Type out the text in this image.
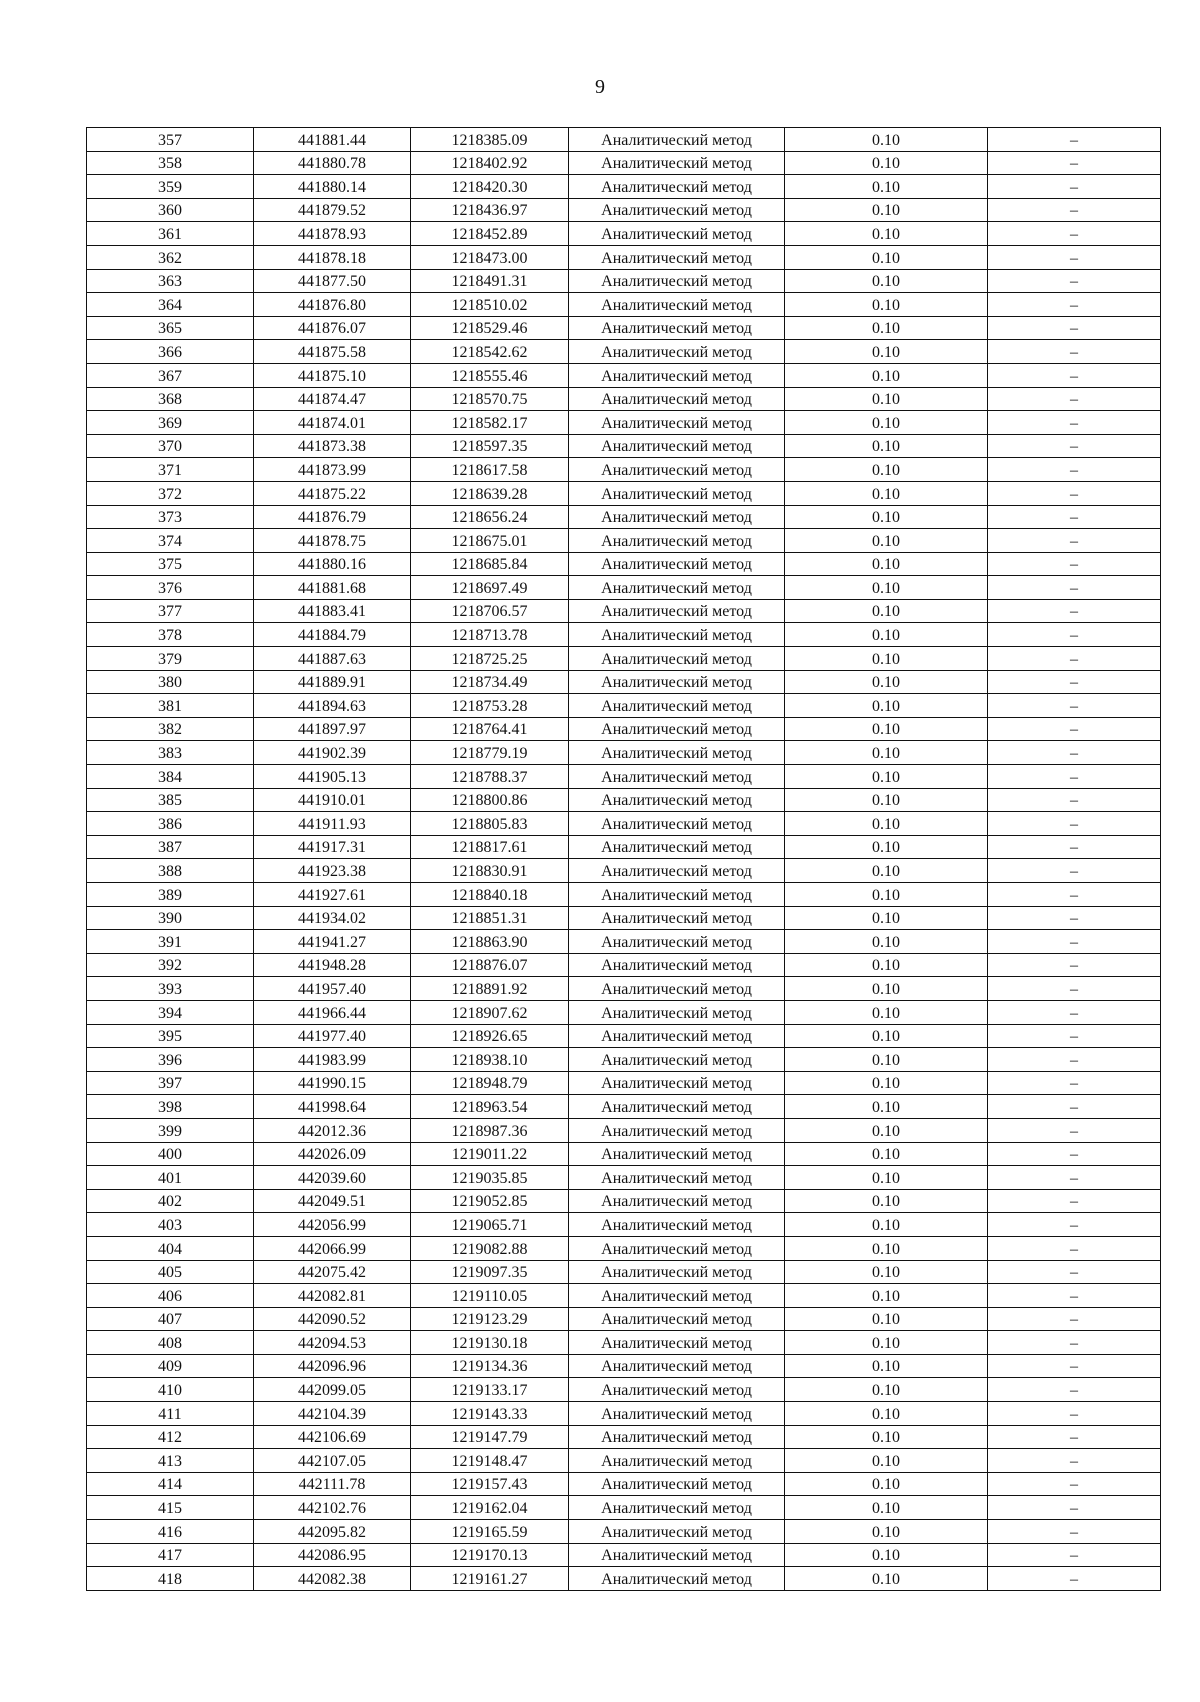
9
357	441881.44	1218385.09	Аналитический метод	0.10	–
358	441880.78	1218402.92	Аналитический метод	0.10	–
359	441880.14	1218420.30	Аналитический метод	0.10	–
360	441879.52	1218436.97	Аналитический метод	0.10	–
361	441878.93	1218452.89	Аналитический метод	0.10	–
362	441878.18	1218473.00	Аналитический метод	0.10	–
363	441877.50	1218491.31	Аналитический метод	0.10	–
364	441876.80	1218510.02	Аналитический метод	0.10	–
365	441876.07	1218529.46	Аналитический метод	0.10	–
366	441875.58	1218542.62	Аналитический метод	0.10	–
367	441875.10	1218555.46	Аналитический метод	0.10	–
368	441874.47	1218570.75	Аналитический метод	0.10	–
369	441874.01	1218582.17	Аналитический метод	0.10	–
370	441873.38	1218597.35	Аналитический метод	0.10	–
371	441873.99	1218617.58	Аналитический метод	0.10	–
372	441875.22	1218639.28	Аналитический метод	0.10	–
373	441876.79	1218656.24	Аналитический метод	0.10	–
374	441878.75	1218675.01	Аналитический метод	0.10	–
375	441880.16	1218685.84	Аналитический метод	0.10	–
376	441881.68	1218697.49	Аналитический метод	0.10	–
377	441883.41	1218706.57	Аналитический метод	0.10	–
378	441884.79	1218713.78	Аналитический метод	0.10	–
379	441887.63	1218725.25	Аналитический метод	0.10	–
380	441889.91	1218734.49	Аналитический метод	0.10	–
381	441894.63	1218753.28	Аналитический метод	0.10	–
382	441897.97	1218764.41	Аналитический метод	0.10	–
383	441902.39	1218779.19	Аналитический метод	0.10	–
384	441905.13	1218788.37	Аналитический метод	0.10	–
385	441910.01	1218800.86	Аналитический метод	0.10	–
386	441911.93	1218805.83	Аналитический метод	0.10	–
387	441917.31	1218817.61	Аналитический метод	0.10	–
388	441923.38	1218830.91	Аналитический метод	0.10	–
389	441927.61	1218840.18	Аналитический метод	0.10	–
390	441934.02	1218851.31	Аналитический метод	0.10	–
391	441941.27	1218863.90	Аналитический метод	0.10	–
392	441948.28	1218876.07	Аналитический метод	0.10	–
393	441957.40	1218891.92	Аналитический метод	0.10	–
394	441966.44	1218907.62	Аналитический метод	0.10	–
395	441977.40	1218926.65	Аналитический метод	0.10	–
396	441983.99	1218938.10	Аналитический метод	0.10	–
397	441990.15	1218948.79	Аналитический метод	0.10	–
398	441998.64	1218963.54	Аналитический метод	0.10	–
399	442012.36	1218987.36	Аналитический метод	0.10	–
400	442026.09	1219011.22	Аналитический метод	0.10	–
401	442039.60	1219035.85	Аналитический метод	0.10	–
402	442049.51	1219052.85	Аналитический метод	0.10	–
403	442056.99	1219065.71	Аналитический метод	0.10	–
404	442066.99	1219082.88	Аналитический метод	0.10	–
405	442075.42	1219097.35	Аналитический метод	0.10	–
406	442082.81	1219110.05	Аналитический метод	0.10	–
407	442090.52	1219123.29	Аналитический метод	0.10	–
408	442094.53	1219130.18	Аналитический метод	0.10	–
409	442096.96	1219134.36	Аналитический метод	0.10	–
410	442099.05	1219133.17	Аналитический метод	0.10	–
411	442104.39	1219143.33	Аналитический метод	0.10	–
412	442106.69	1219147.79	Аналитический метод	0.10	–
413	442107.05	1219148.47	Аналитический метод	0.10	–
414	442111.78	1219157.43	Аналитический метод	0.10	–
415	442102.76	1219162.04	Аналитический метод	0.10	–
416	442095.82	1219165.59	Аналитический метод	0.10	–
417	442086.95	1219170.13	Аналитический метод	0.10	–
418	442082.38	1219161.27	Аналитический метод	0.10	–
